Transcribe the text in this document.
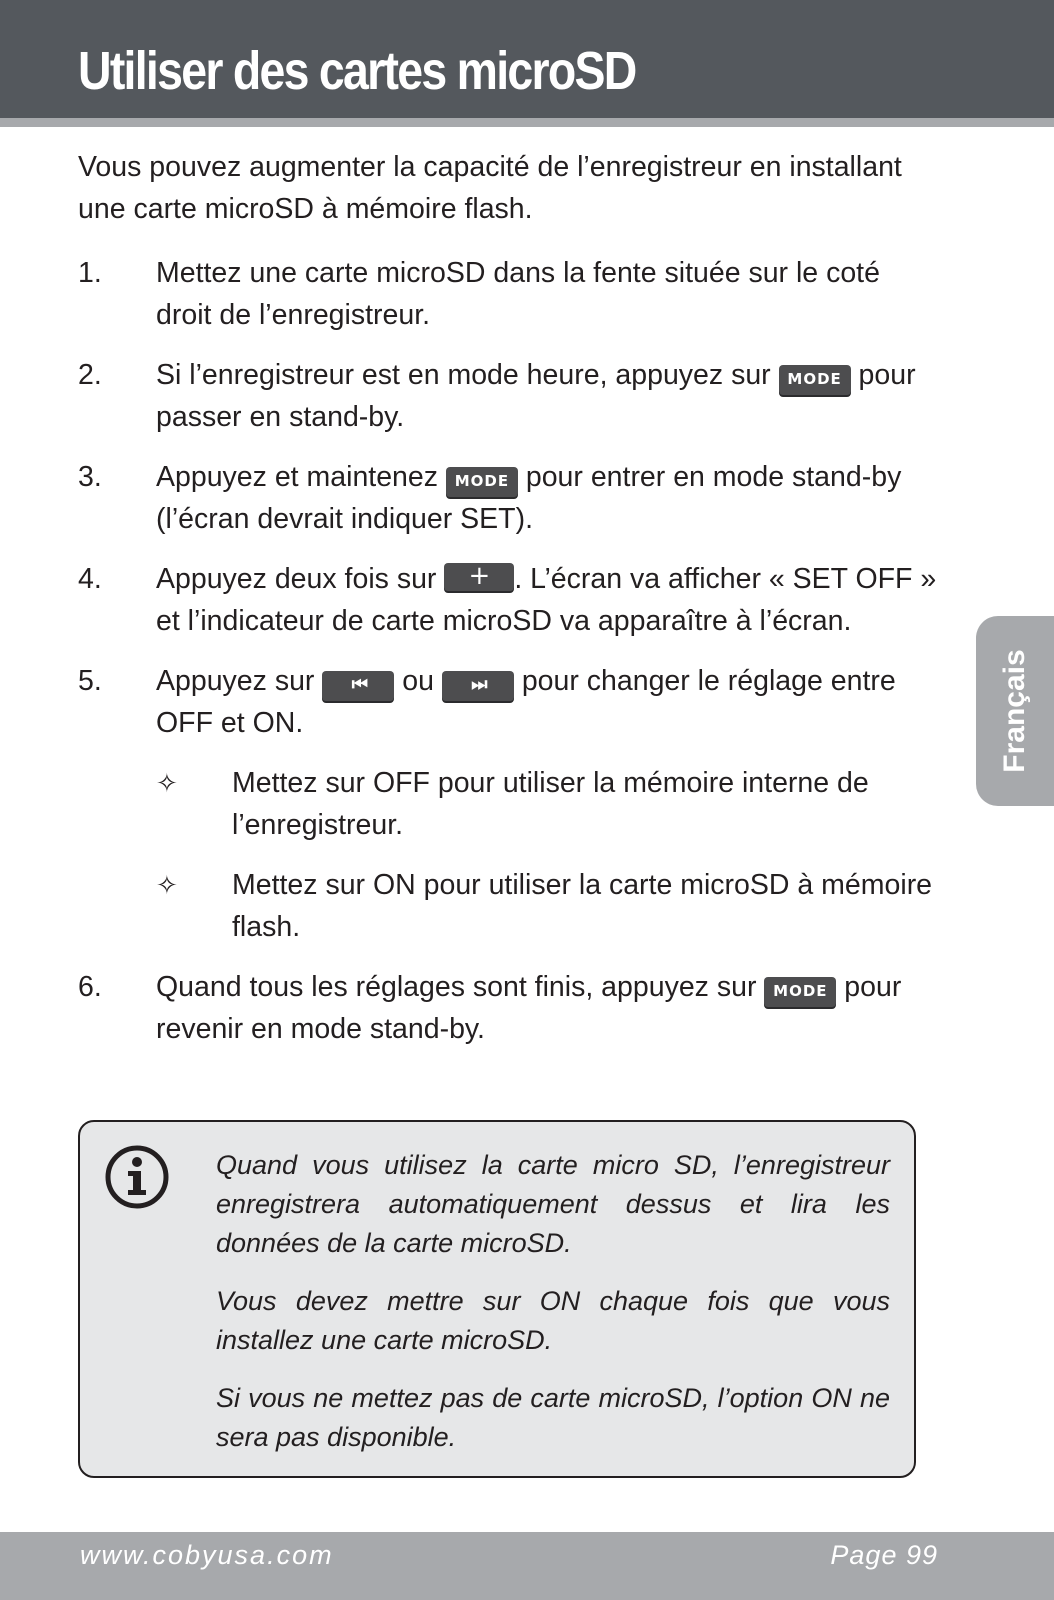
Utiliser des cartes microSD

Vous pouvez augmenter la capacité de l’enregistreur en installant une carte microSD à mémoire flash.

1. Mettez une carte microSD dans la fente située sur le coté droit de l’enregistreur.
2. Si l’enregistreur est en mode heure, appuyez sur MODE pour passer en stand-by.
3. Appuyez et maintenez MODE pour entrer en mode stand-by (l’écran devrait indiquer SET).
4. Appuyez deux fois sur + . L’écran va afficher « SET OFF » et l’indicateur de carte microSD va apparaître à l’écran.
5. Appuyez sur ⏮ ou ⏭ pour changer le réglage entre OFF et ON.
✧ Mettez sur OFF pour utiliser la mémoire interne de l’enregistreur.
✧ Mettez sur ON pour utiliser la carte microSD à mémoire flash.
6. Quand tous les réglages sont finis, appuyez sur MODE pour revenir en mode stand-by.

Quand vous utilisez la carte micro SD, l’enregistreur enregistrera automatiquement dessus et lira les données de la carte microSD.

Vous devez mettre sur ON chaque fois que vous installez une carte microSD.

Si vous ne mettez pas de carte microSD, l’option ON ne sera pas disponible.

Français
www.cobyusa.com	Page 99
